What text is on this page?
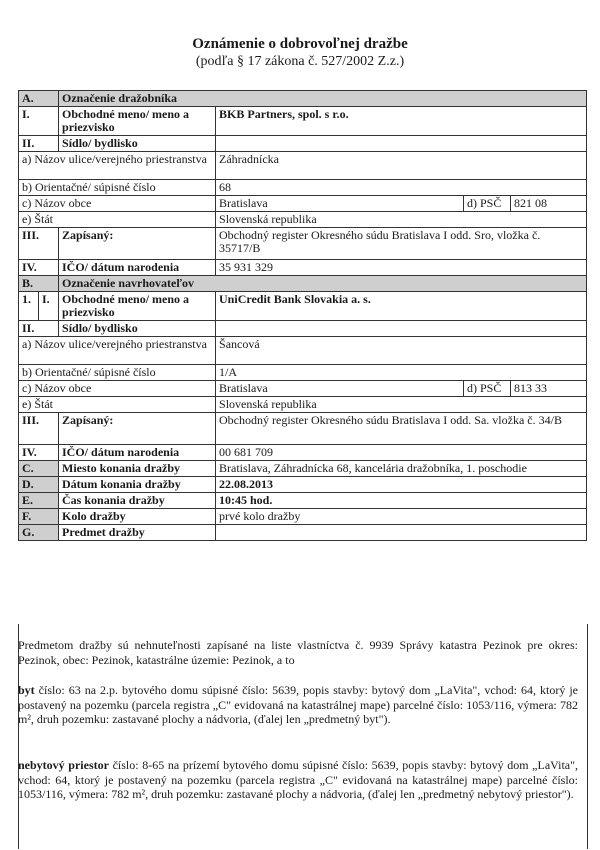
Oznámenie o dobrovoľnej dražbe
(podľa § 17 zákona č. 527/2002 Z.z.)
A.		Označenie dražobníka			
I.		Obchodné meno/ meno a priezvisko	BKB Partners, spol. s r.o.		
II.		Sídlo/ bydlisko			
a) Názov ulice/verejného priestranstva			Záhradnícka		
b) Orientačné/ súpisné číslo			68		
c) Názov obce			Bratislava	d) PSČ	821 08
e) Štát			Slovenská republika		
III.		Zapísaný:	Obchodný register Okresného súdu Bratislava I odd. Sro, vložka č. 35717/B		
IV.		IČO/ dátum narodenia	35 931 329		
B.		Označenie navrhovateľov			
1.	I.	Obchodné meno/ meno a priezvisko	UniCredit Bank Slovakia a. s.		
II.		Sídlo/ bydlisko			
a) Názov ulice/verejného priestranstva			Šancová		
b) Orientačné/ súpisné číslo			1/A		
c) Názov obce			Bratislava	d) PSČ	813 33
e) Štát			Slovenská republika		
III.		Zapísaný:	Obchodný register Okresného súdu Bratislava I odd. Sa. vložka č. 34/B		
IV.		IČO/ dátum narodenia	00 681 709		
C.		Miesto konania dražby	Bratislava, Záhradnícka 68, kancelária dražobníka, 1. poschodie		
D.		Dátum konania dražby	22.08.2013		
E.		Čas konania dražby	10:45 hod.		
F.		Kolo dražby	prvé kolo dražby		
G.		Predmet dražby			
Predmetom dražby sú nehnuteľnosti zapísané na liste vlastníctva č. 9939 Správy katastra Pezinok pre okres: Pezinok, obec: Pezinok, katastrálne územie: Pezinok, a to
byt číslo: 63 na 2.p. bytového domu súpisné číslo: 5639, popis stavby: bytový dom „LaVita", vchod: 64, ktorý je postavený na pozemku (parcela registra „C" evidovaná na katastrálnej mape) parcelné číslo: 1053/116, výmera: 782 m², druh pozemku: zastavané plochy a nádvoria, (ďalej len „predmetný byt").
nebytový priestor číslo: 8-65 na prízemí bytového domu súpisné číslo: 5639, popis stavby: bytový dom „LaVita", vchod: 64, ktorý je postavený na pozemku (parcela registra „C" evidovaná na katastrálnej mape) parcelné číslo: 1053/116, výmera: 782 m², druh pozemku: zastavané plochy a nádvoria, (ďalej len „predmetný nebytový priestor").
